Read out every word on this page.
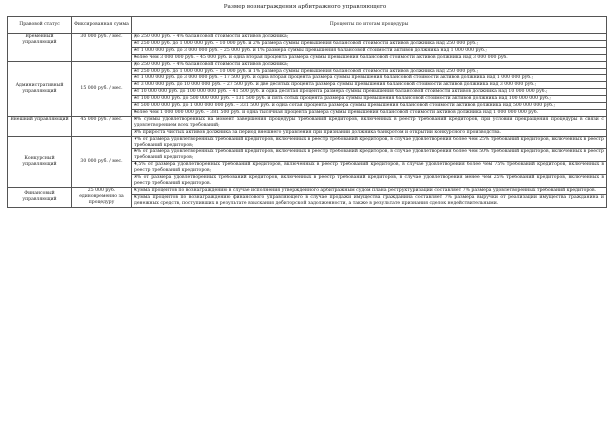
Размер вознаграждения арбитражного управляющего
Правовой статус	Фиксированная сумма	Проценты по итогам процедуры
Временный управляющий	30 000 руб. / мес.	• до 250 000 руб. – 4% балансовой стоимости активов должника;
		• от 250 000 руб. до 1 000 000 руб. – 10 000 руб. и 2% размера суммы превышения балансовой стоимости активов должника над 250 000 руб.;
		• от 1 000 000 руб. до 3 000 000 руб. – 25 000 руб. и 1% размера суммы превышения балансовой стоимости активов должника над 1 000 000 руб.;
		• более чем 3 000 000 руб. – 45 000 руб. и одна вторая процента размера суммы превышения балансовой стоимости активов должника над 3 000 000 руб.
Административный управляющий	15 000 руб. / мес.	• до 250 000 руб. – 4% балансовой стоимости активов должника;
		• от 250 000 руб. до 1 000 000 руб. – 10 000 руб. и 1% размера суммы превышения балансовой стоимости активов должника над 250 000 руб.;
		• от 1 000 000 руб. до 3 000 000 руб. – 17 500 руб. и одна вторая процента размера суммы превышения балансовой стоимости активов должника над 1 000 000 руб.;
		• от 3 000 000 руб. до 10 000 000 руб. – 27 500 руб. и две десятых процента размера суммы превышения балансовой стоимости активов должника над 3 000 000 руб.;
		• от 10 000 000 руб. до 100 000 000 руб. – 41 500 руб. и одна десятая процента размера суммы превышения балансовой стоимости активов должника над 10 000 000 руб.;
		• от 100 000 000 руб. до 500 000 000 руб. – 131 500 руб. и пять сотых процента размера суммы превышения балансовой стоимости активов должника над 100 000 000 руб.;
		• от 500 000 000 руб. до 1 000 000 000 руб. – 331 500 руб. и одна сотая процента размера суммы превышения балансовой стоимости активов должника над 500 000 000 руб.;
		• более чем 1 000 000 000 руб. – 381 500 руб. и одна тысячная процента размера суммы превышения балансовой стоимости активов должника над 1 000 000 000 руб.
Внешний управляющий	45 000 руб. / мес.	• 8% суммы удовлетворенных на момент завершения процедуры требований кредиторов, включенных в реестр требований кредиторов, при условии прекращения процедуры в связи с удовлетворением всех требований;
		• 3% прироста чистых активов должника за период внешнего управления при признании должника банкротом и открытии конкурсного производства.
Конкурсный управляющий	30 000 руб. / мес.	• 7% от размера удовлетворенных требований кредиторов, включенных в реестр требований кредиторов, в случае удовлетворения более чем 25% требований кредиторов, включенных в реестр требований кредиторов;
		• 6% от размера удовлетворенных требований кредиторов, включенных в реестр требований кредиторов, в случае удовлетворения более чем 50% требований кредиторов, включенных в реестр требований кредиторов;
		• 4,5% от размера удовлетворенных требований кредиторов, включенных в реестр требований кредиторов, в случае удовлетворения более чем 75% требований кредиторов, включенных в реестр требований кредиторов;
		• 3% от размера удовлетворенных требований кредиторов, включенных в реестр требований кредиторов, в случае удовлетворения менее чем 25% требований кредиторов, включенных в реестр требований кредиторов.
Финансовый управляющий	25 000 руб. единовременно за процедуру	• Сумма процентов по вознаграждению в случае исполнения утвержденного арбитражным судом плана реструктуризации составляет 7% размера удовлетворенных требований кредиторов.
		• Сумма процентов по вознаграждению финансового управляющего в случае продажи имущества гражданина составляет 7% размера выручки от реализации имущества гражданина и денежных средств, поступивших в результате взыскания дебиторской задолженности, а также в результате признания сделок недействительными.
